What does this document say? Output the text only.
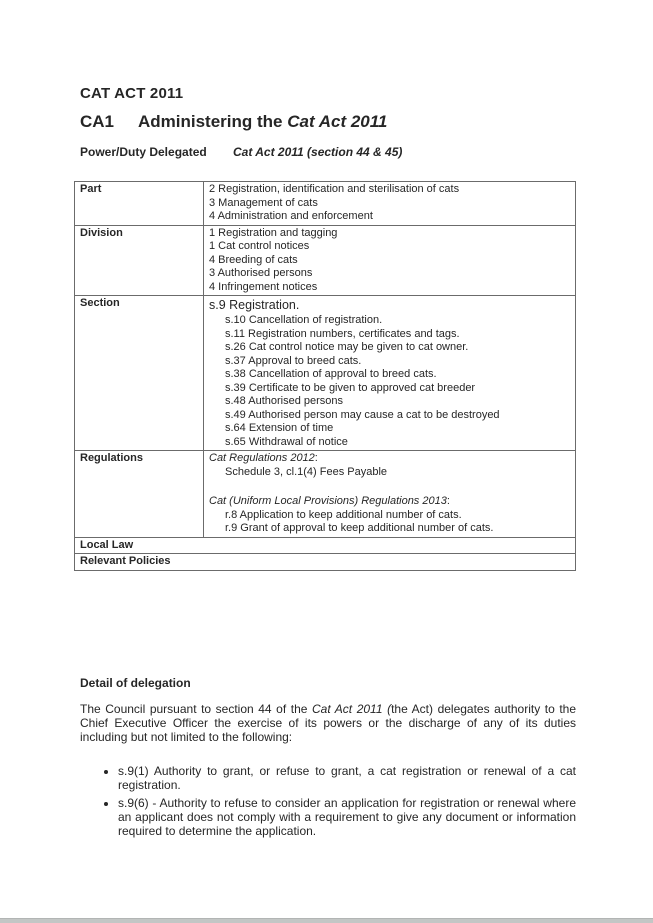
CAT ACT 2011
CA1 Administering the Cat Act 2011
Power/Duty Delegated Cat Act 2011 (section 44 & 45)
Part	2 Registration, identification and sterilisation of cats
3 Management of cats
4 Administration and enforcement

Division	1 Registration and tagging
1 Cat control notices
4 Breeding of cats
3 Authorised persons
4 Infringement notices

Section	s.9 Registration.
s.10 Cancellation of registration.
s.11 Registration numbers, certificates and tags.
s.26 Cat control notice may be given to cat owner.
s.37 Approval to breed cats.
s.38 Cancellation of approval to breed cats.
s.39 Certificate to be given to approved cat breeder
s.48 Authorised persons
s.49 Authorised person may cause a cat to be destroyed
s.64 Extension of time
s.65 Withdrawal of notice

Regulations	Cat Regulations 2012:
Schedule 3, cl.1(4) Fees Payable
Cat (Uniform Local Provisions) Regulations 2013:
r.8 Application to keep additional number of cats.
r.9 Grant of approval to keep additional number of cats.

Local Law	
Relevant Policies	
Detail of delegation
The Council pursuant to section 44 of the Cat Act 2011 (the Act) delegates authority to the Chief Executive Officer the exercise of its powers or the discharge of any of its duties including but not limited to the following:
• s.9(1) Authority to grant, or refuse to grant, a cat registration or renewal of a cat registration.
• s.9(6) - Authority to refuse to consider an application for registration or renewal where an applicant does not comply with a requirement to give any document or information required to determine the application.
